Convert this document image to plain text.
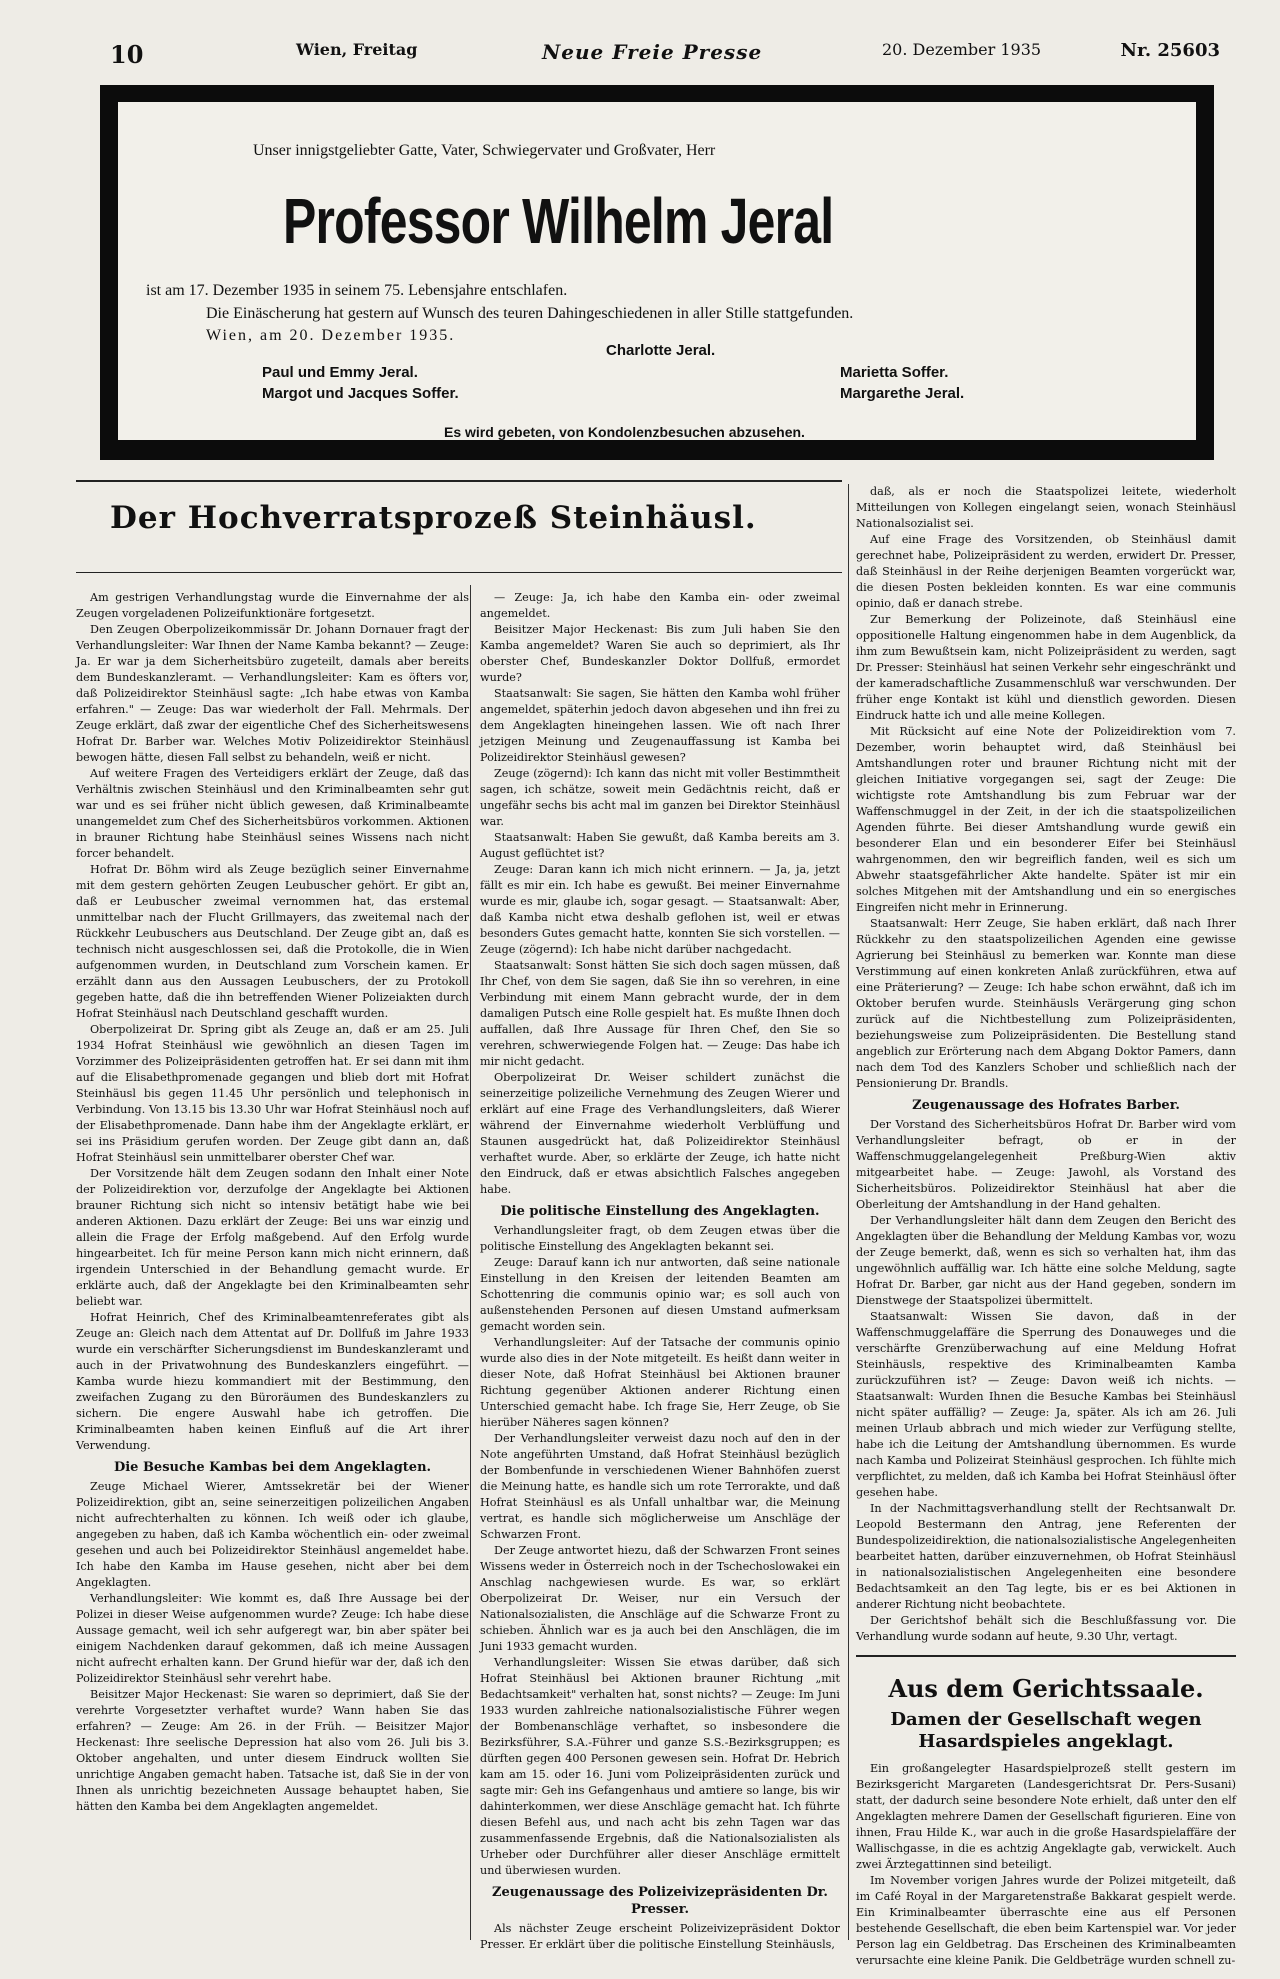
10	Wien, Freitag	Neue Freie Presse	20. Dezember 1935	Nr. 25603
Unser innigstgeliebter Gatte, Vater, Schwiegervater und Großvater, Herr
Professor Wilhelm Jeral
ist am 17. Dezember 1935 in seinem 75. Lebensjahre entschlafen.
Die Einäscherung hat gestern auf Wunsch des teuren Dahingeschiedenen in aller Stille stattgefunden.
Wien, am 20. Dezember 1935.
Charlotte Jeral.
Paul und Emmy Jeral.	Marietta Soffer.
Margot und Jacques Soffer.	Margarethe Jeral.
Es wird gebeten, von Kondolenzbesuchen abzusehen.
Der Hochverratsprozeß Steinhäusl.

Am gestrigen Verhandlungstag wurde die Einvernahme der als Zeugen vorgeladenen Polizeifunktionäre fortgesetzt.

Den Zeugen Oberpolizeikommissär Dr. Johann Dornauer fragt der Verhandlungsleiter: War Ihnen der Name Kamba bekannt? — Zeuge: Ja. Er war ja dem Sicherheitsbüro zugeteilt, damals aber bereits dem Bundeskanzleramt. — Verhandlungsleiter: Kam es öfters vor, daß Polizeidirektor Steinhäusl sagte: „Ich habe etwas von Kamba erfahren." — Zeuge: Das war wiederholt der Fall. Mehrmals. Der Zeuge erklärt, daß zwar der eigentliche Chef des Sicherheitswesens Hofrat Dr. Barber war. Welches Motiv Polizeidirektor Steinhäusl bewogen hätte, diesen Fall selbst zu behandeln, weiß er nicht.

Auf weitere Fragen des Verteidigers erklärt der Zeuge, daß das Verhältnis zwischen Steinhäusl und den Kriminalbeamten sehr gut war und es sei früher nicht üblich gewesen, daß Kriminalbeamte unangemeldet zum Chef des Sicherheitsbüros vorkommen. Aktionen in brauner Richtung habe Steinhäusl seines Wissens nach nicht forcer behandelt.

Hofrat Dr. Böhm wird als Zeuge bezüglich seiner Einvernahme mit dem gestern gehörten Zeugen Leubuscher gehört. Er gibt an, daß er Leubuscher zweimal vernommen hat, das erstemal unmittelbar nach der Flucht Grillmayers, das zweitemal nach der Rückkehr Leubuschers aus Deutschland. Der Zeuge gibt an, daß es technisch nicht ausgeschlossen sei, daß die Protokolle, die in Wien aufgenommen wurden, in Deutschland zum Vorschein kamen. Er erzählt dann aus den Aussagen Leubuschers, der zu Protokoll gegeben hatte, daß die ihn betreffenden Wiener Polizeiakten durch Hofrat Steinhäusl nach Deutschland geschafft wurden.

Oberpolizeirat Dr. Spring gibt als Zeuge an, daß er am 25. Juli 1934 Hofrat Steinhäusl wie gewöhnlich an diesen Tagen im Vorzimmer des Polizeipräsidenten getroffen hat. Er sei dann mit ihm auf die Elisabethpromenade gegangen und blieb dort mit Hofrat Steinhäusl bis gegen 11.45 Uhr persönlich und telephonisch in Verbindung. Von 13.15 bis 13.30 Uhr war Hofrat Steinhäusl noch auf der Elisabethpromenade. Dann habe ihm der Angeklagte erklärt, er sei ins Präsidium gerufen worden. Der Zeuge gibt dann an, daß Hofrat Steinhäusl sein unmittelbarer oberster Chef war.

Der Vorsitzende hält dem Zeugen sodann den Inhalt einer Note der Polizeidirektion vor, derzufolge der Angeklagte bei Aktionen brauner Richtung sich nicht so intensiv betätigt habe wie bei anderen Aktionen. Dazu erklärt der Zeuge: Bei uns war einzig und allein die Frage der Erfolg maßgebend. Auf den Erfolg wurde hingearbeitet. Ich für meine Person kann mich nicht erinnern, daß irgendein Unterschied in der Behandlung gemacht wurde. Er erklärte auch, daß der Angeklagte bei den Kriminalbeamten sehr beliebt war.

Hofrat Heinrich, Chef des Kriminalbeamtenreferates gibt als Zeuge an: Gleich nach dem Attentat auf Dr. Dollfuß im Jahre 1933 wurde ein verschärfter Sicherungsdienst im Bundeskanzleramt und auch in der Privatwohnung des Bundeskanzlers eingeführt. — Kamba wurde hiezu kommandiert mit der Bestimmung, den zweifachen Zugang zu den Büroräumen des Bundeskanzlers zu sichern. Die engere Auswahl habe ich getroffen. Die Kriminalbeamten haben keinen Einfluß auf die Art ihrer Verwendung.

Die Besuche Kambas bei dem Angeklagten.

Zeuge Michael Wierer, Amtssekretär bei der Wiener Polizeidirektion, gibt an, seine seinerzeitigen polizeilichen Angaben nicht aufrechterhalten zu können. Ich weiß oder ich glaube, angegeben zu haben, daß ich Kamba wöchentlich ein- oder zweimal gesehen und auch bei Polizeidirektor Steinhäusl angemeldet habe. Ich habe den Kamba im Hause gesehen, nicht aber bei dem Angeklagten.

Verhandlungsleiter: Wie kommt es, daß Ihre Aussage bei der Polizei in dieser Weise aufgenommen wurde? Zeuge: Ich habe diese Aussage gemacht, weil ich sehr aufgeregt war, bin aber später bei einigem Nachdenken darauf gekommen, daß ich meine Aussagen nicht aufrecht erhalten kann. Der Grund hiefür war der, daß ich den Polizeidirektor Steinhäusl sehr verehrt habe.

Beisitzer Major Heckenast: Sie waren so deprimiert, daß Sie der verehrte Vorgesetzter verhaftet wurde? Wann haben Sie das erfahren? — Zeuge: Am 26. in der Früh. — Beisitzer Major Heckenast: Ihre seelische Depression hat also vom 26. Juli bis 3. Oktober angehalten, und unter diesem Eindruck wollten Sie unrichtige Angaben gemacht haben. Tatsache ist, daß Sie in der von Ihnen als unrichtig bezeichneten Aussage behauptet haben, Sie hätten den Kamba bei dem Angeklagten angemeldet.

— Zeuge: Ja, ich habe den Kamba ein- oder zweimal angemeldet.

Beisitzer Major Heckenast: Bis zum Juli haben Sie den Kamba angemeldet? Waren Sie auch so deprimiert, als Ihr oberster Chef, Bundeskanzler Doktor Dollfuß, ermordet wurde?

Staatsanwalt: Sie sagen, Sie hätten den Kamba wohl früher angemeldet, späterhin jedoch davon abgesehen und ihn frei zu dem Angeklagten hineingehen lassen. Wie oft nach Ihrer jetzigen Meinung und Zeugenauffassung ist Kamba bei Polizeidirektor Steinhäusl gewesen?

Zeuge (zögernd): Ich kann das nicht mit voller Bestimmtheit sagen, ich schätze, soweit mein Gedächtnis reicht, daß er ungefähr sechs bis acht mal im ganzen bei Direktor Steinhäusl war.

Staatsanwalt: Haben Sie gewußt, daß Kamba bereits am 3. August geflüchtet ist?

Zeuge: Daran kann ich mich nicht erinnern. — Ja, ja, jetzt fällt es mir ein. Ich habe es gewußt. Bei meiner Einvernahme wurde es mir, glaube ich, sogar gesagt. — Staatsanwalt: Aber, daß Kamba nicht etwa deshalb geflohen ist, weil er etwas besonders Gutes gemacht hatte, konnten Sie sich vorstellen. — Zeuge (zögernd): Ich habe nicht darüber nachgedacht.

Staatsanwalt: Sonst hätten Sie sich doch sagen müssen, daß Ihr Chef, von dem Sie sagen, daß Sie ihn so verehren, in eine Verbindung mit einem Mann gebracht wurde, der in dem damaligen Putsch eine Rolle gespielt hat. Es mußte Ihnen doch auffallen, daß Ihre Aussage für Ihren Chef, den Sie so verehren, schwerwiegende Folgen hat. — Zeuge: Das habe ich mir nicht gedacht.

Oberpolizeirat Dr. Weiser schildert zunächst die seinerzeitige polizeiliche Vernehmung des Zeugen Wierer und erklärt auf eine Frage des Verhandlungsleiters, daß Wierer während der Einvernahme wiederholt Verblüffung und Staunen ausgedrückt hat, daß Polizeidirektor Steinhäusl verhaftet wurde. Aber, so erklärte der Zeuge, ich hatte nicht den Eindruck, daß er etwas absichtlich Falsches angegeben habe.

Die politische Einstellung des Angeklagten.

Verhandlungsleiter fragt, ob dem Zeugen etwas über die politische Einstellung des Angeklagten bekannt sei.

Zeuge: Darauf kann ich nur antworten, daß seine nationale Einstellung in den Kreisen der leitenden Beamten am Schottenring die communis opinio war; es soll auch von außenstehenden Personen auf diesen Umstand aufmerksam gemacht worden sein.

Verhandlungsleiter: Auf der Tatsache der communis opinio wurde also dies in der Note mitgeteilt. Es heißt dann weiter in dieser Note, daß Hofrat Steinhäusl bei Aktionen brauner Richtung gegenüber Aktionen anderer Richtung einen Unterschied gemacht habe. Ich frage Sie, Herr Zeuge, ob Sie hierüber Näheres sagen können?

Der Verhandlungsleiter verweist dazu noch auf den in der Note angeführten Umstand, daß Hofrat Steinhäusl bezüglich der Bombenfunde in verschiedenen Wiener Bahnhöfen zuerst die Meinung hatte, es handle sich um rote Terrorakte, und daß Hofrat Steinhäusl es als Unfall unhaltbar war, die Meinung vertrat, es handle sich möglicherweise um Anschläge der Schwarzen Front.

Der Zeuge antwortet hiezu, daß der Schwarzen Front seines Wissens weder in Österreich noch in der Tschechoslowakei ein Anschlag nachgewiesen wurde. Es war, so erklärt Oberpolizeirat Dr. Weiser, nur ein Versuch der Nationalsozialisten, die Anschläge auf die Schwarze Front zu schieben. Ähnlich war es ja auch bei den Anschlägen, die im Juni 1933 gemacht wurden.

Verhandlungsleiter: Wissen Sie etwas darüber, daß sich Hofrat Steinhäusl bei Aktionen brauner Richtung „mit Bedachtsamkeit" verhalten hat, sonst nichts? — Zeuge: Im Juni 1933 wurden zahlreiche nationalsozialistische Führer wegen der Bombenanschläge verhaftet, so insbesondere die Bezirksführer, S.A.-Führer und ganze S.S.-Bezirksgruppen; es dürften gegen 400 Personen gewesen sein. Hofrat Dr. Hebrich kam am 15. oder 16. Juni vom Polizeipräsidenten zurück und sagte mir: Geh ins Gefangenhaus und amtiere so lange, bis wir dahinterkommen, wer diese Anschläge gemacht hat. Ich führte diesen Befehl aus, und nach acht bis zehn Tagen war das zusammenfassende Ergebnis, daß die Nationalsozialisten als Urheber oder Durchführer aller dieser Anschläge ermittelt und überwiesen wurden.

Zeugenaussage des Polizeivizepräsidenten Dr. Presser.

Als nächster Zeuge erscheint Polizeivizepräsident Doktor Presser. Er erklärt über die politische Einstellung Steinhäusls,

daß, als er noch die Staatspolizei leitete, wiederholt Mitteilungen von Kollegen eingelangt seien, wonach Steinhäusl Nationalsozialist sei.

Auf eine Frage des Vorsitzenden, ob Steinhäusl damit gerechnet habe, Polizeipräsident zu werden, erwidert Dr. Presser, daß Steinhäusl in der Reihe derjenigen Beamten vorgerückt war, die diesen Posten bekleiden konnten. Es war eine communis opinio, daß er danach strebe.

Zur Bemerkung der Polizeinote, daß Steinhäusl eine oppositionelle Haltung eingenommen habe in dem Augenblick, da ihm zum Bewußtsein kam, nicht Polizeipräsident zu werden, sagt Dr. Presser: Steinhäusl hat seinen Verkehr sehr eingeschränkt und der kameradschaftliche Zusammenschluß war verschwunden. Der früher enge Kontakt ist kühl und dienstlich geworden. Diesen Eindruck hatte ich und alle meine Kollegen.

Mit Rücksicht auf eine Note der Polizeidirektion vom 7. Dezember, worin behauptet wird, daß Steinhäusl bei Amtshandlungen roter und brauner Richtung nicht mit der gleichen Initiative vorgegangen sei, sagt der Zeuge: Die wichtigste rote Amtshandlung bis zum Februar war der Waffenschmuggel in der Zeit, in der ich die staatspolizeilichen Agenden führte. Bei dieser Amtshandlung wurde gewiß ein besonderer Elan und ein besonderer Eifer bei Steinhäusl wahrgenommen, den wir begreiflich fanden, weil es sich um Abwehr staatsgefährlicher Akte handelte. Später ist mir ein solches Mitgehen mit der Amtshandlung und ein so energisches Eingreifen nicht mehr in Erinnerung.

Staatsanwalt: Herr Zeuge, Sie haben erklärt, daß nach Ihrer Rückkehr zu den staatspolizeilichen Agenden eine gewisse Agrierung bei Steinhäusl zu bemerken war. Konnte man diese Verstimmung auf einen konkreten Anlaß zurückführen, etwa auf eine Präterierung? — Zeuge: Ich habe schon erwähnt, daß ich im Oktober berufen wurde. Steinhäusls Verärgerung ging schon zurück auf die Nichtbestellung zum Polizeipräsidenten, beziehungsweise zum Polizeipräsidenten. Die Bestellung stand angeblich zur Erörterung nach dem Abgang Doktor Pamers, dann nach dem Tod des Kanzlers Schober und schließlich nach der Pensionierung Dr. Brandls.

Zeugenaussage des Hofrates Barber.

Der Vorstand des Sicherheitsbüros Hofrat Dr. Barber wird vom Verhandlungsleiter befragt, ob er in der Waffenschmuggelangelegenheit Preßburg-Wien aktiv mitgearbeitet habe. — Zeuge: Jawohl, als Vorstand des Sicherheitsbüros. Polizeidirektor Steinhäusl hat aber die Oberleitung der Amtshandlung in der Hand gehalten.

Der Verhandlungsleiter hält dann dem Zeugen den Bericht des Angeklagten über die Behandlung der Meldung Kambas vor, wozu der Zeuge bemerkt, daß, wenn es sich so verhalten hat, ihm das ungewöhnlich auffällig war. Ich hätte eine solche Meldung, sagte Hofrat Dr. Barber, gar nicht aus der Hand gegeben, sondern im Dienstwege der Staatspolizei übermittelt.

Staatsanwalt: Wissen Sie davon, daß in der Waffenschmuggelaffäre die Sperrung des Donauweges und die verschärfte Grenzüberwachung auf eine Meldung Hofrat Steinhäusls, respektive des Kriminalbeamten Kamba zurückzuführen ist? — Zeuge: Davon weiß ich nichts. — Staatsanwalt: Wurden Ihnen die Besuche Kambas bei Steinhäusl nicht später auffällig? — Zeuge: Ja, später. Als ich am 26. Juli meinen Urlaub abbrach und mich wieder zur Verfügung stellte, habe ich die Leitung der Amtshandlung übernommen. Es wurde nach Kamba und Polizeirat Steinhäusl gesprochen. Ich fühlte mich verpflichtet, zu melden, daß ich Kamba bei Hofrat Steinhäusl öfter gesehen habe.

In der Nachmittagsverhandlung stellt der Rechtsanwalt Dr. Leopold Bestermann den Antrag, jene Referenten der Bundespolizeidirektion, die nationalsozialistische Angelegenheiten bearbeitet hatten, darüber einzuvernehmen, ob Hofrat Steinhäusl in nationalsozialistischen Angelegenheiten eine besondere Bedachtsamkeit an den Tag legte, bis er es bei Aktionen in anderer Richtung nicht beobachtete.

Der Gerichtshof behält sich die Beschlußfassung vor. Die Verhandlung wurde sodann auf heute, 9.30 Uhr, vertagt.

Aus dem Gerichtssaale.
Damen der Gesellschaft wegen Hasardspieles angeklagt.

Ein großangelegter Hasardspielprozeß stellt gestern im Bezirksgericht Margareten (Landesgerichtsrat Dr. Pers-Susani) statt, der dadurch seine besondere Note erhielt, daß unter den elf Angeklagten mehrere Damen der Gesellschaft figurieren. Eine von ihnen, Frau Hilde K., war auch in die große Hasardspielaffäre der Wallischgasse, in die es achtzig Angeklagte gab, verwickelt. Auch zwei Ärztegattinnen sind beteiligt.

Im November vorigen Jahres wurde der Polizei mitgeteilt, daß im Café Royal in der Margaretenstraße Bakkarat gespielt werde. Ein Kriminalbeamter überraschte eine aus elf Personen bestehende Gesellschaft, die eben beim Kartenspiel war. Vor jeder Person lag ein Geldbetrag. Das Erscheinen des Kriminalbeamten verursachte eine kleine Panik. Die Geldbeträge wurden schnell zu-
